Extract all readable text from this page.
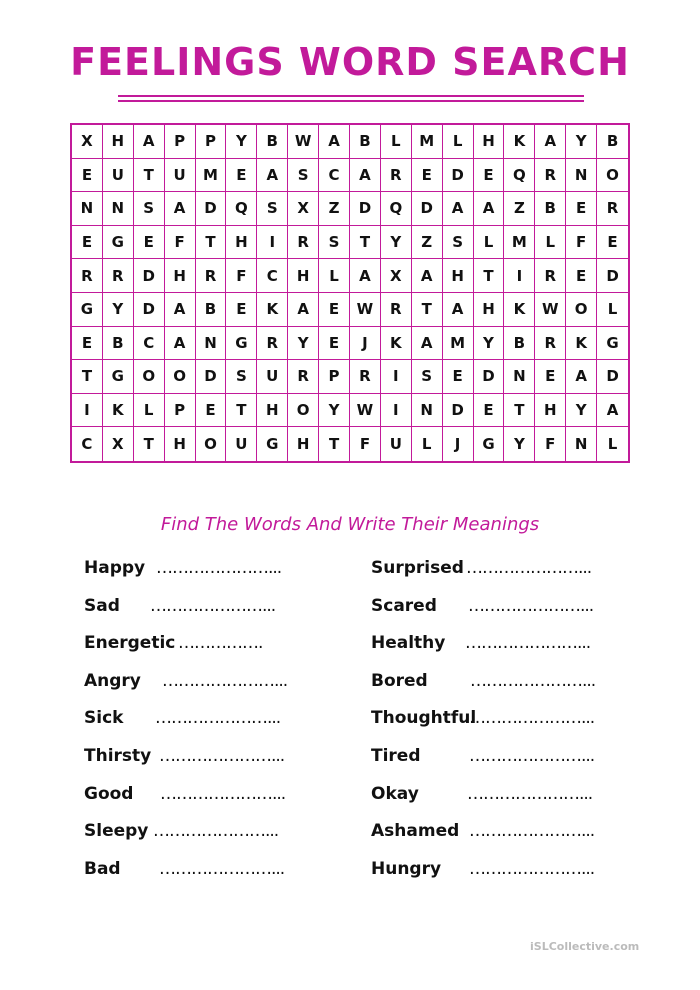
FEELINGS WORD SEARCH
X	H	A	P	P	Y	B	W	A	B	L	M	L	H	K	A	Y	B
E	U	T	U	M	E	A	S	C	A	R	E	D	E	Q	R	N	O
N	N	S	A	D	Q	S	X	Z	D	Q	D	A	A	Z	B	E	R
E	G	E	F	T	H	I	R	S	T	Y	Z	S	L	M	L	F	E
R	R	D	H	R	F	C	H	L	A	X	A	H	T	I	R	E	D
G	Y	D	A	B	E	K	A	E	W	R	T	A	H	K	W	O	L
E	B	C	A	N	G	R	Y	E	J	K	A	M	Y	B	R	K	G
T	G	O	O	D	S	U	R	P	R	I	S	E	D	N	E	A	D
I	K	L	P	E	T	H	O	Y	W	I	N	D	E	T	H	Y	A
C	X	T	H	O	U	G	H	T	F	U	L	J	G	Y	F	N	L
Find The Words And Write Their Meanings
Happy …………………...
Sad …………………...
Energetic …………….
Angry …………………...
Sick …………………...
Thirsty …………………...
Good …………………...
Sleepy …………………...
Bad …………………...
Surprised …………………...
Scared …………………...
Healthy …………………...
Bored …………………...
Thoughtful…………………...
Tired	…………………...
Okay	…………………...
Ashamed …………………...
Hungry …………………...
iSLCollective.com
